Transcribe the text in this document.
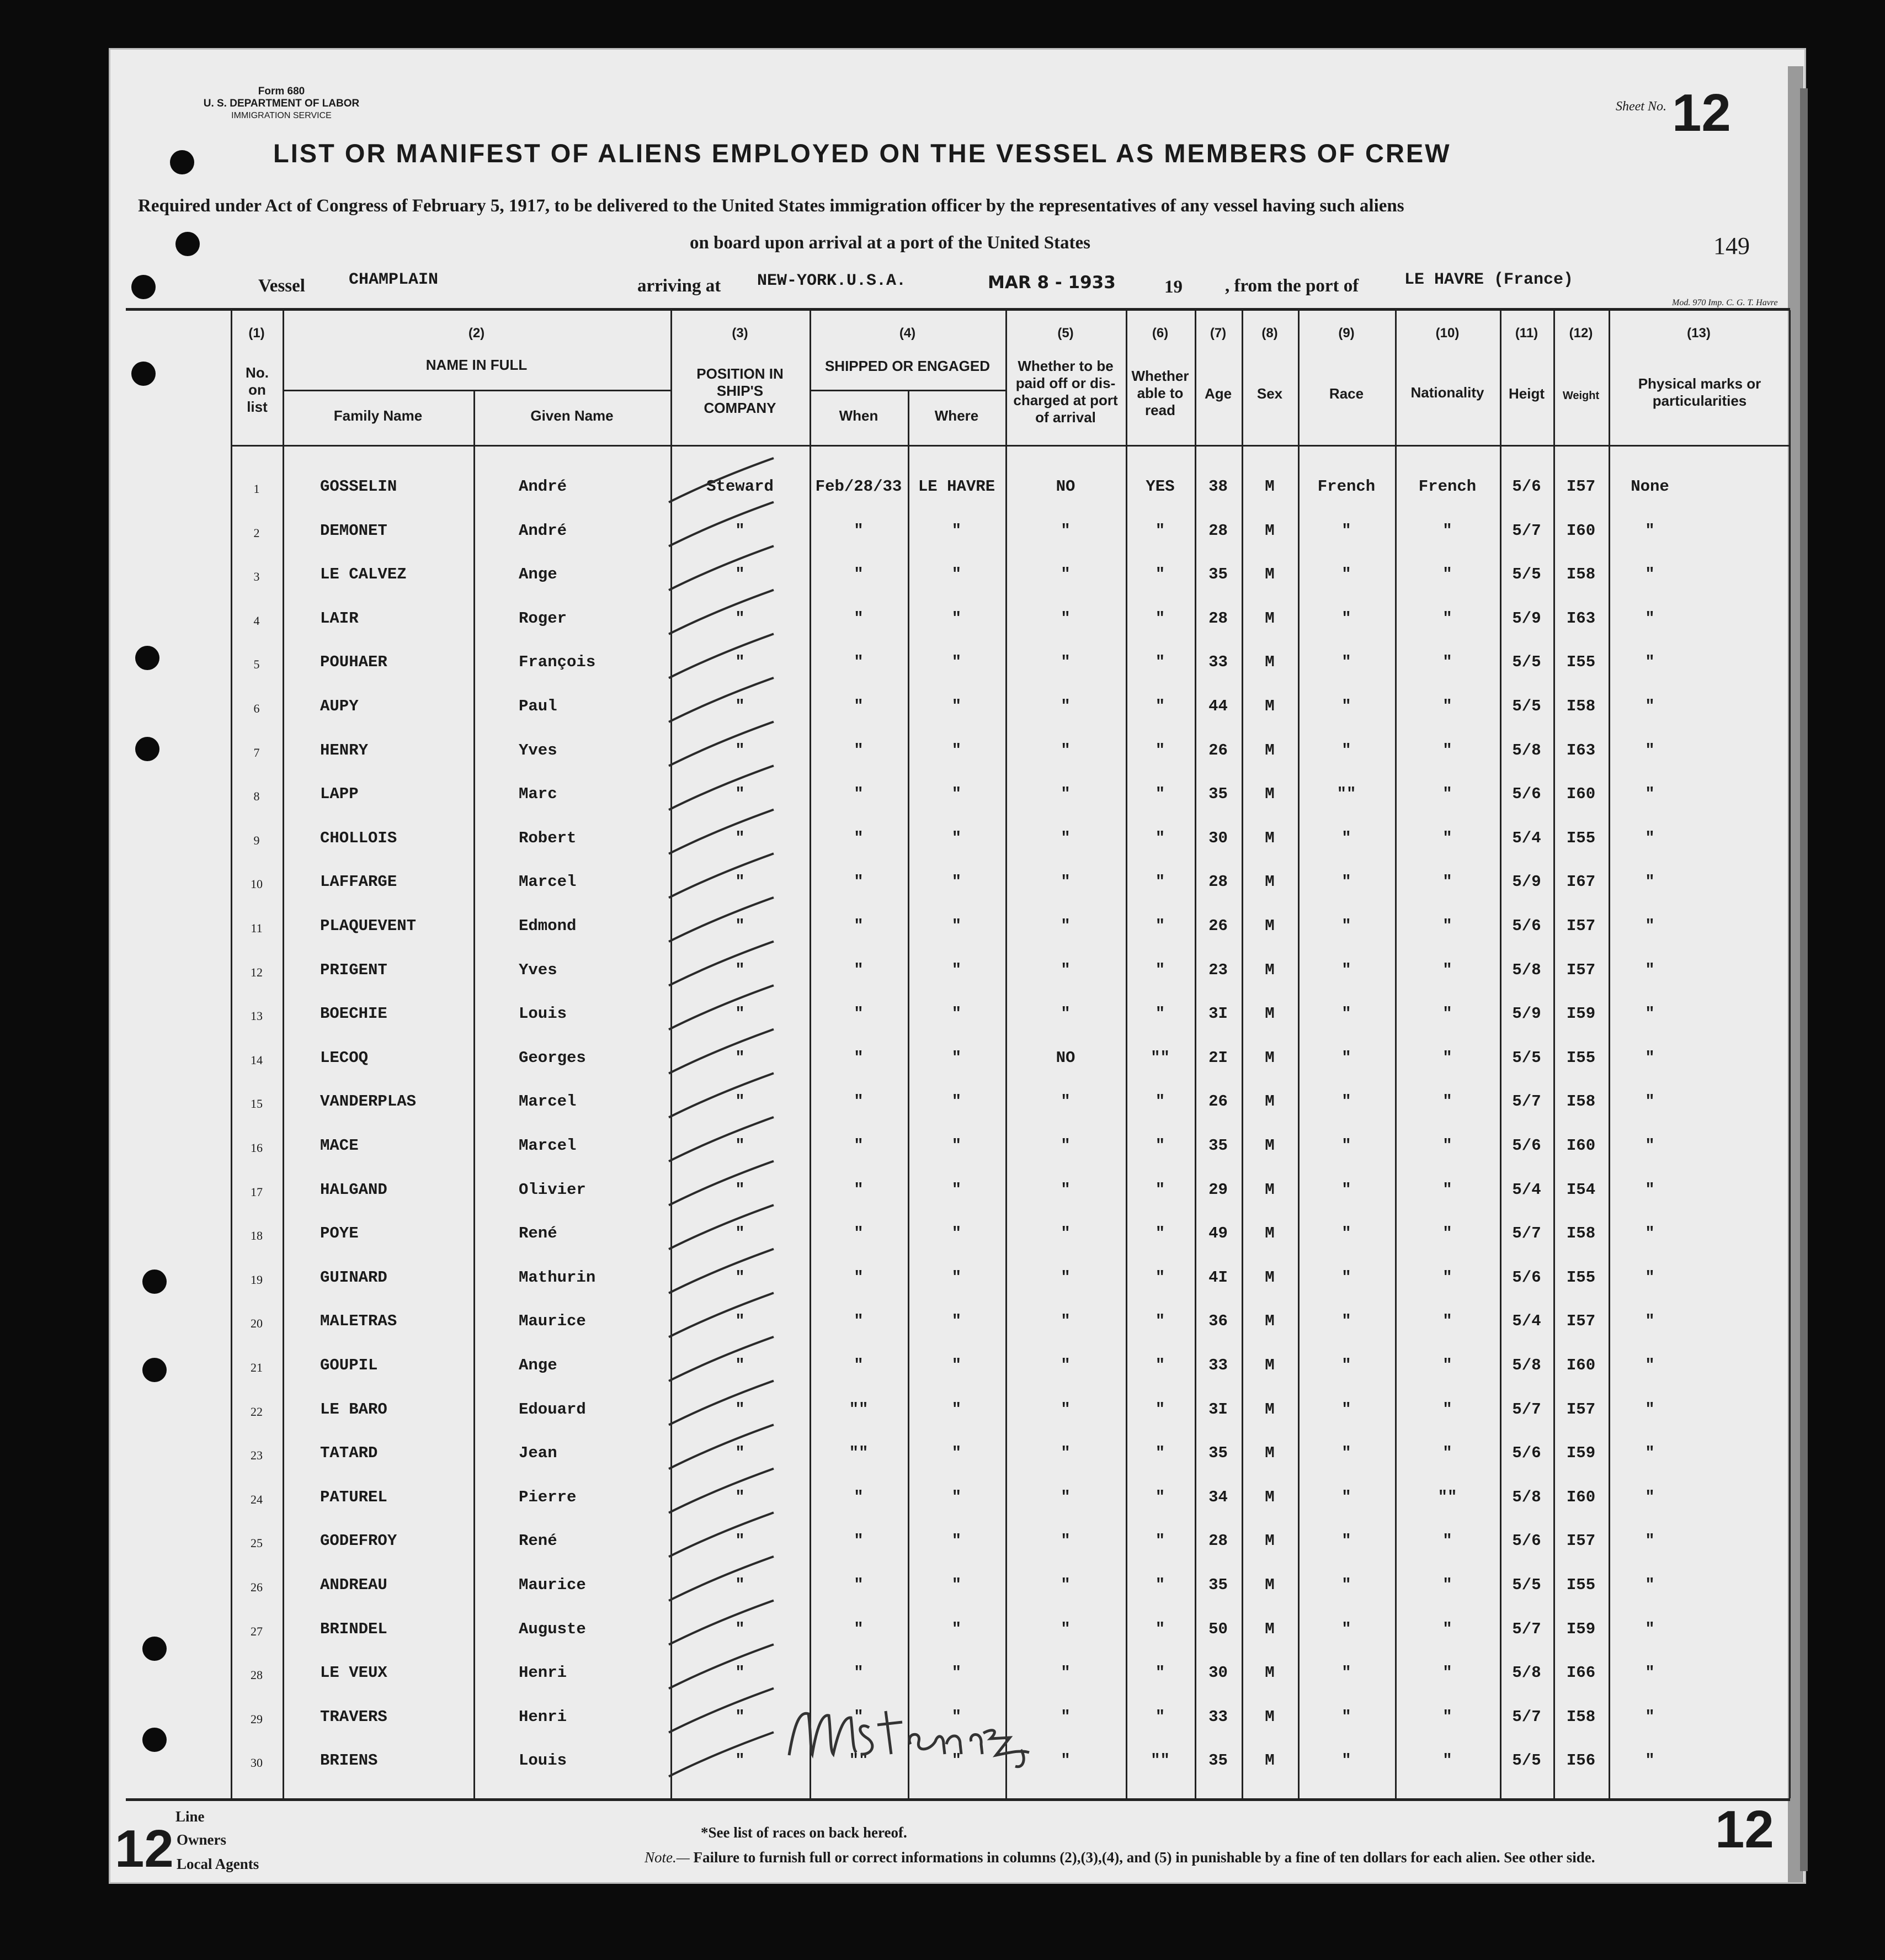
Form 680
U. S. DEPARTMENT OF LABOR
IMMIGRATION SERVICE
Sheet No. 12
LIST OR MANIFEST OF ALIENS EMPLOYED ON THE VESSEL AS MEMBERS OF CREW
Required under Act of Congress of February 5, 1917, to be delivered to the United States immigration officer by the representatives of any vessel having such aliens
on board upon arrival at a port of the United States	149
Vessel	CHAMPLAIN	arriving at NEW-YORK.U.S.A.	MAR 8 - 1933	19 , from the port of	LE HAVRE (France)
Mod. 970 Imp. C. G. T. Havre
(1)	(2)	(3)	(4)	(5)	(6)	(7)	(8)	(9)	(10)	(11)	(12)	(13)
No. on list
NAME IN FULL
Family Name	Given Name
POSITION IN SHIP'S COMPANY
SHIPPED OR ENGAGED
When	Where
Whether to be paid off or dis-charged at port of arrival
Whether able to read
Age	Sex	Race	Nationality	Heigt	Weight
Physical marks or particularities
1	GOSSELIN	André	Steward	Feb/28/33	LE HAVRE	NO	YES	38	M	French	French	5/6	I57	None
2	DEMONET	André	"	"	"	"	"	28	M	"	"	5/7	I60	"
3	LE CALVEZ	Ange	"	"	"	"	"	35	M	"	"	5/5	I58	"
4	LAIR	Roger	"	"	"	"	"	28	M	"	"	5/9	I63	"
5	POUHAER	François	"	"	"	"	"	33	M	"	"	5/5	I55	"
6	AUPY	Paul	"	"	"	"	"	44	M	"	"	5/5	I58	"
7	HENRY	Yves	"	"	"	"	"	26	M	"	"	5/8	I63	"
8	LAPP	Marc	"	"	"	"	"	35	M	""	"	5/6	I60	"
9	CHOLLOIS	Robert	"	"	"	"	"	30	M	"	"	5/4	I55	"
10	LAFFARGE	Marcel	"	"	"	"	"	28	M	"	"	5/9	I67	"
11	PLAQUEVENT	Edmond	"	"	"	"	"	26	M	"	"	5/6	I57	"
12	PRIGENT	Yves	"	"	"	"	"	23	M	"	"	5/8	I57	"
13	BOECHIE	Louis	"	"	"	"	"	3I	M	"	"	5/9	I59	"
14	LECOQ	Georges	"	"	"	NO	""	2I	M	"	"	5/5	I55	"
15	VANDERPLAS	Marcel	"	"	"	"	"	26	M	"	"	5/7	I58	"
16	MACE	Marcel	"	"	"	"	"	35	M	"	"	5/6	I60	"
17	HALGAND	Olivier	"	"	"	"	"	29	M	"	"	5/4	I54	"
18	POYE	René	"	"	"	"	"	49	M	"	"	5/7	I58	"
19	GUINARD	Mathurin	"	"	"	"	"	4I	M	"	"	5/6	I55	"
20	MALETRAS	Maurice	"	"	"	"	"	36	M	"	"	5/4	I57	"
21	GOUPIL	Ange	"	"	"	"	"	33	M	"	"	5/8	I60	"
22	LE BARO	Edouard	"	""	"	"	"	3I	M	"	"	5/7	I57	"
23	TATARD	Jean	"	""	"	"	"	35	M	"	"	5/6	I59	"
24	PATUREL	Pierre	"	"	"	"	"	34	M	"	""	5/8	I60	"
25	GODEFROY	René	"	"	"	"	"	28	M	"	"	5/6	I57	"
26	ANDREAU	Maurice	"	"	"	"	"	35	M	"	"	5/5	I55	"
27	BRINDEL	Auguste	"	"	"	"	"	50	M	"	"	5/7	I59	"
28	LE VEUX	Henri	"	"	"	"	"	30	M	"	"	5/8	I66	"
29	TRAVERS	Henri	"	"	"	"	"	33	M	"	"	5/7	I58	"
30	BRIENS	Louis	"	""	"	"	""	35	M	"	"	5/5	I56	"
Line
Owners
Local Agents
12	12
*See list of races on back hereof.
Note.— Failure to furnish full or correct informations in columns (2),(3),(4), and (5) in punishable by a fine of ten dollars for each alien. See other side.
